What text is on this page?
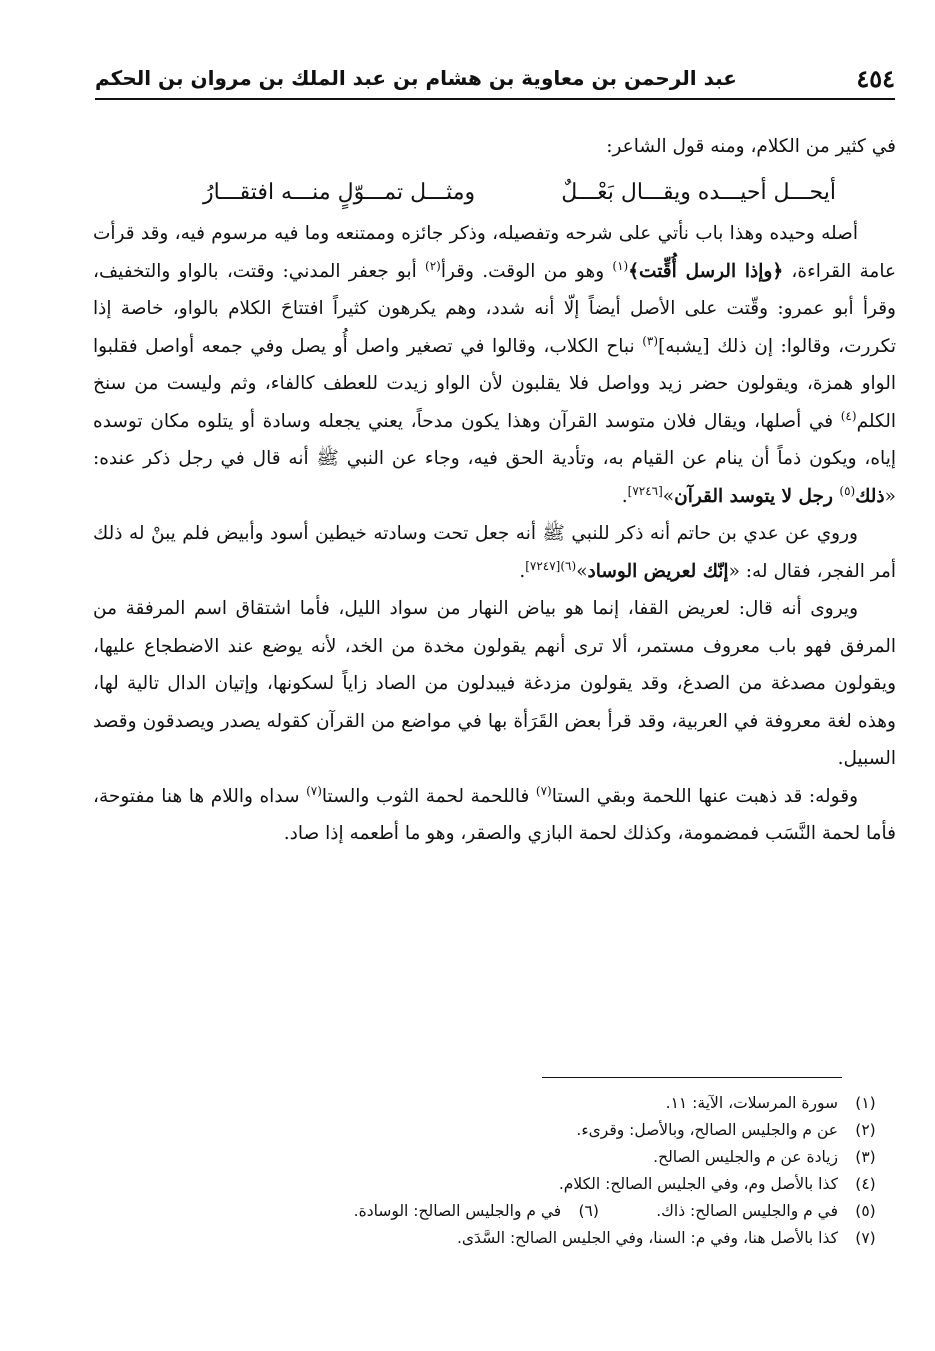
٤٥٤
عبد الرحمن بن معاوية بن هشام بن عبد الملك بن مروان بن الحكم

في كثير من الكلام، ومنه قول الشاعر:

أيحـــل أحيـــده ويقـــال بَعْـــلٌ
ومثـــل تمـــوّلٍ منـــه افتقـــارُ

أصله وحيده وهذا باب نأتي على شرحه وتفصيله، وذكر جائزه وممتنعه وما فيه مرسوم فيه، وقد قرأت عامة القراءة، ﴿وإذا الرسل أُقِّتت﴾$^{(١)}$ وهو من الوقت. وقرأ$^{(٢)}$ أبو جعفر المدني: وقتت، بالواو والتخفيف، وقرأ أبو عمرو: وقّتت على الأصل أيضاً إلّا أنه شدد، وهم يكرهون كثيراً افتتاحَ الكلام بالواو، خاصة إذا تكررت، وقالوا: إن ذلك [يشبه]$^{(٣)}$ نباح الكلاب، وقالوا في تصغير واصل أُو يصل وفي جمعه أواصل فقلبوا الواو همزة، ويقولون حضر زيد وواصل فلا يقلبون لأن الواو زيدت للعطف كالفاء، وثم وليست من سنخ الكلم$^{(٤)}$ في أصلها، ويقال فلان متوسد القرآن وهذا يكون مدحاً، يعني يجعله وسادة أو يتلوه مكان توسده إياه، ويكون ذماً أن ينام عن القيام به، وتأدية الحق فيه، وجاء عن النبي ﷺ أنه قال في رجل ذكر عنده: «ذلك$^{(٥)}$ رجل لا يتوسد القرآن»[٧٢٤٦].

وروي عن عدي بن حاتم أنه ذكر للنبي ﷺ أنه جعل تحت وسادته خيطين أسود وأبيض فلم يبنْ له ذلك أمر الفجر، فقال له: «إنّك لعريض الوساد»$^{(٦)[٧٢٤٧]}$.

ويروى أنه قال: لعريض القفا، إنما هو بياض النهار من سواد الليل، فأما اشتقاق اسم المرفقة من المرفق فهو باب معروف مستمر، ألا ترى أنهم يقولون مخدة من الخد، لأنه يوضع عند الاضطجاع عليها، ويقولون مصدغة من الصدغ، وقد يقولون مزدغة فيبدلون من الصاد زاياً لسكونها، وإتيان الدال تالية لها، وهذه لغة معروفة في العربية، وقد قرأ بعض القَرَأة بها في مواضع من القرآن كقوله يصدر ويصدقون وقصد السبيل.

وقوله: قد ذهبت عنها اللحمة وبقي الستا$^{(٧)}$ فاللحمة لحمة الثوب والستا$^{(٧)}$ سداه واللام ها هنا مفتوحة، فأما لحمة النَّسَب فمضمومة، وكذلك لحمة البازي والصقر، وهو ما أطعمه إذا صاد.

(١)
سورة المرسلات، الآية: ١١.
(٢)
عن م والجليس الصالح، وبالأصل: وقرىء.
(٣)
زيادة عن م والجليس الصالح.
(٤)
كذا بالأصل وم، وفي الجليس الصالح: الكلام.
(٥)
في م والجليس الصالح: ذاك.
(٦)
في م والجليس الصالح: الوسادة.
(٧)
كذا بالأصل هنا، وفي م: السنا، وفي الجليس الصالح: السَّدَى.
